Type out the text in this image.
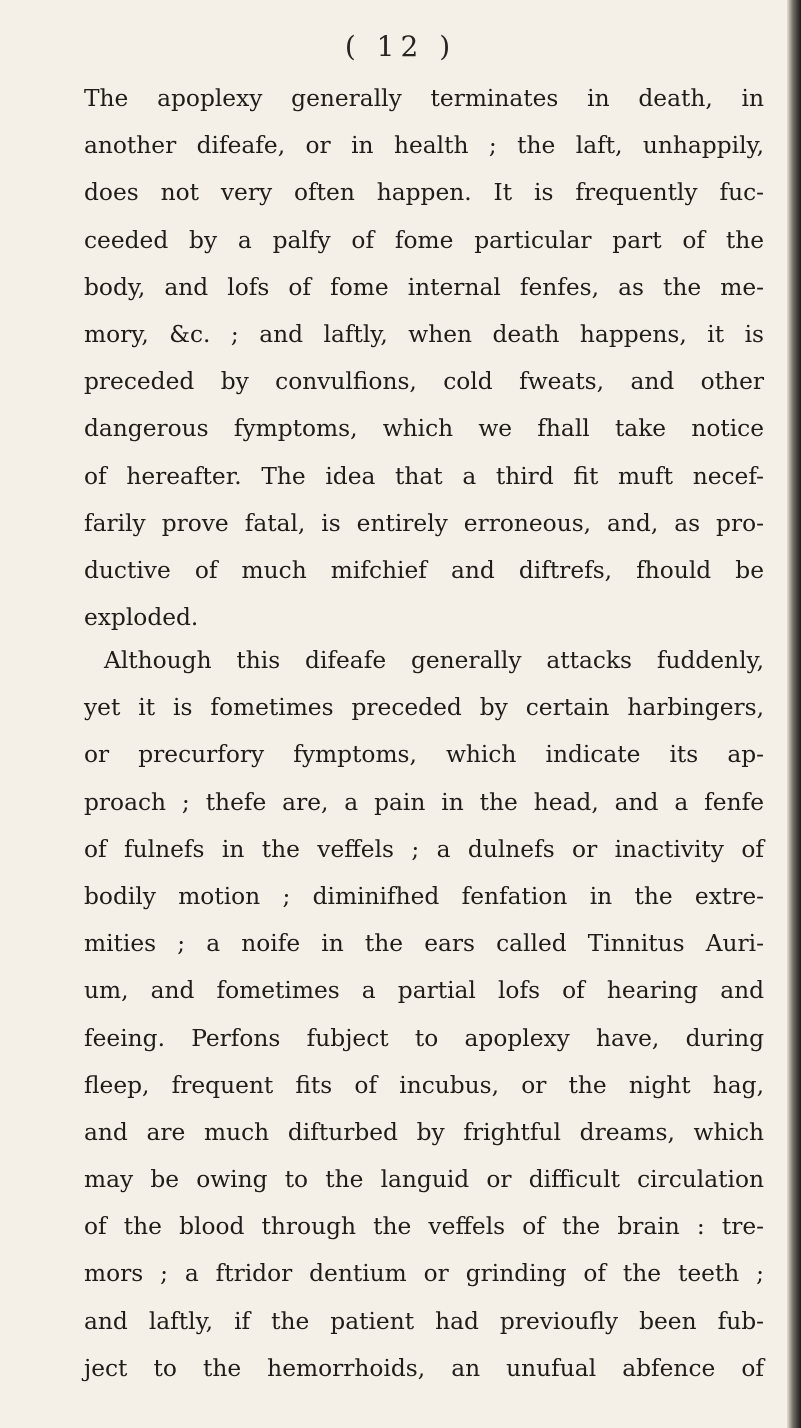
( 12 )
The apoplexy generally terminates in death, in
another difeafe, or in health ; the laft, unhappily,
does not very often happen. It is frequently fuc-
ceeded by a palfy of fome particular part of the
body, and lofs of fome internal fenfes, as the me-
mory, &c. ; and laftly, when death happens, it is
preceded by convulfions, cold fweats, and other
dangerous fymptoms, which we fhall take notice
of hereafter. The idea that a third fit muft necef-
farily prove fatal, is entirely erroneous, and, as pro-
ductive of much mifchief and diftrefs, fhould be
exploded.
Although this difeafe generally attacks fuddenly,
yet it is fometimes preceded by certain harbingers,
or precurfory fymptoms, which indicate its ap-
proach ; thefe are, a pain in the head, and a fenfe
of fulnefs in the veffels ; a dulnefs or inactivity of
bodily motion ; diminifhed fenfation in the extre-
mities ; a noife in the ears called Tinnitus Auri-
um, and fometimes a partial lofs of hearing and
feeing. Perfons fubject to apoplexy have, during
fleep, frequent fits of incubus, or the night hag,
and are much difturbed by frightful dreams, which
may be owing to the languid or difficult circulation
of the blood through the veffels of the brain : tre-
mors ; a ftridor dentium or grinding of the teeth ;
and laftly, if the patient had previoufly been fub-
ject to the hemorrhoids, an unufual abfence of
